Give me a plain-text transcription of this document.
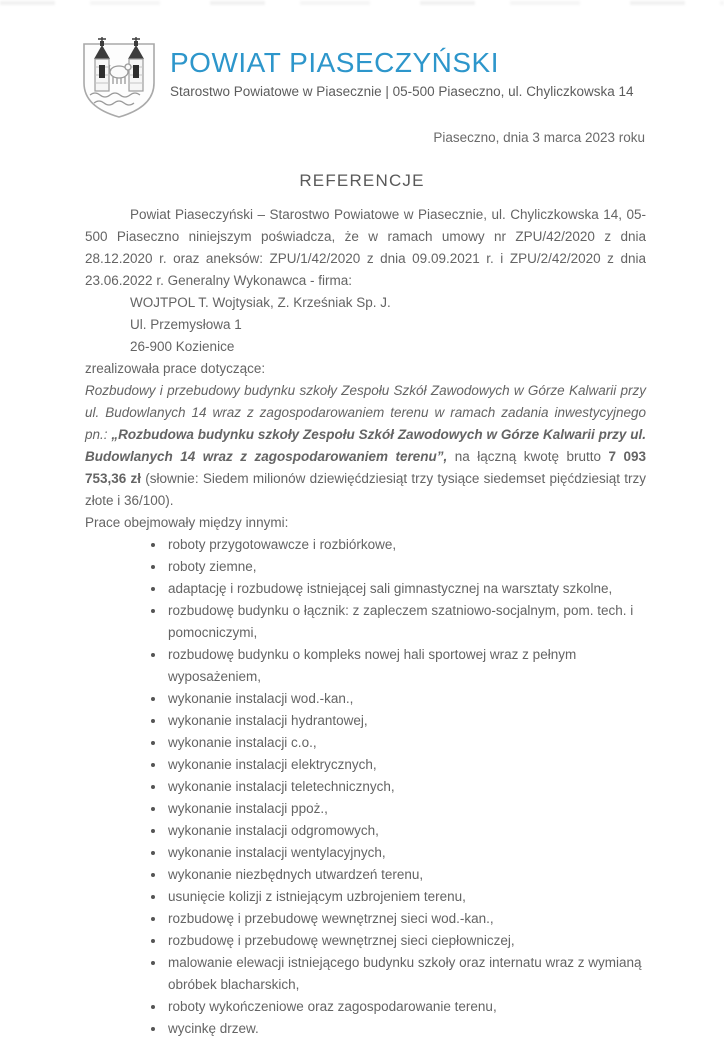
POWIAT PIASECZYŃSKI
Starostwo Powiatowe w Piasecznie | 05-500 Piaseczno, ul. Chyliczkowska 14
Piaseczno, dnia 3 marca 2023 roku
REFERENCJE

Powiat Piaseczyński – Starostwo Powiatowe w Piasecznie, ul. Chyliczkowska 14, 05-500 Piaseczno niniejszym poświadcza, że w ramach umowy nr ZPU/42/2020 z dnia 28.12.2020 r. oraz aneksów: ZPU/1/42/2020 z dnia 09.09.2021 r. i ZPU/2/42/2020 z dnia 23.06.2022 r. Generalny Wykonawca - firma:

WOJTPOL T. Wojtysiak, Z. Krześniak Sp. J.
Ul. Przemysłowa 1
26-900 Kozienice

zrealizowała prace dotyczące:

Rozbudowy i przebudowy budynku szkoły Zespołu Szkół Zawodowych w Górze Kalwarii przy ul. Budowlanych 14 wraz z zagospodarowaniem terenu w ramach zadania inwestycyjnego pn.: „Rozbudowa budynku szkoły Zespołu Szkół Zawodowych w Górze Kalwarii przy ul. Budowlanych 14 wraz z zagospodarowaniem terenu”, na łączną kwotę brutto 7 093 753,36 zł (słownie: Siedem milionów dziewięćdziesiąt trzy tysiące siedemset pięćdziesiąt trzy złote i 36/100).

Prace obejmowały między innymi:

• roboty przygotowawcze i rozbiórkowe,
• roboty ziemne,
• adaptację i rozbudowę istniejącej sali gimnastycznej na warsztaty szkolne,
• rozbudowę budynku o łącznik: z zapleczem szatniowo-socjalnym, pom. tech. i pomocniczymi,
• rozbudowę budynku o kompleks nowej hali sportowej wraz z pełnym wyposażeniem,
• wykonanie instalacji wod.-kan.,
• wykonanie instalacji hydrantowej,
• wykonanie instalacji c.o.,
• wykonanie instalacji elektrycznych,
• wykonanie instalacji teletechnicznych,
• wykonanie instalacji ppoż.,
• wykonanie instalacji odgromowych,
• wykonanie instalacji wentylacyjnych,
• wykonanie niezbędnych utwardzeń terenu,
• usunięcie kolizji z istniejącym uzbrojeniem terenu,
• rozbudowę i przebudowę wewnętrznej sieci wod.-kan.,
• rozbudowę i przebudowę wewnętrznej sieci ciepłowniczej,
• malowanie elewacji istniejącego budynku szkoły oraz internatu wraz z wymianą obróbek blacharskich,
• roboty wykończeniowe oraz zagospodarowanie terenu,
• wycinkę drzew.
